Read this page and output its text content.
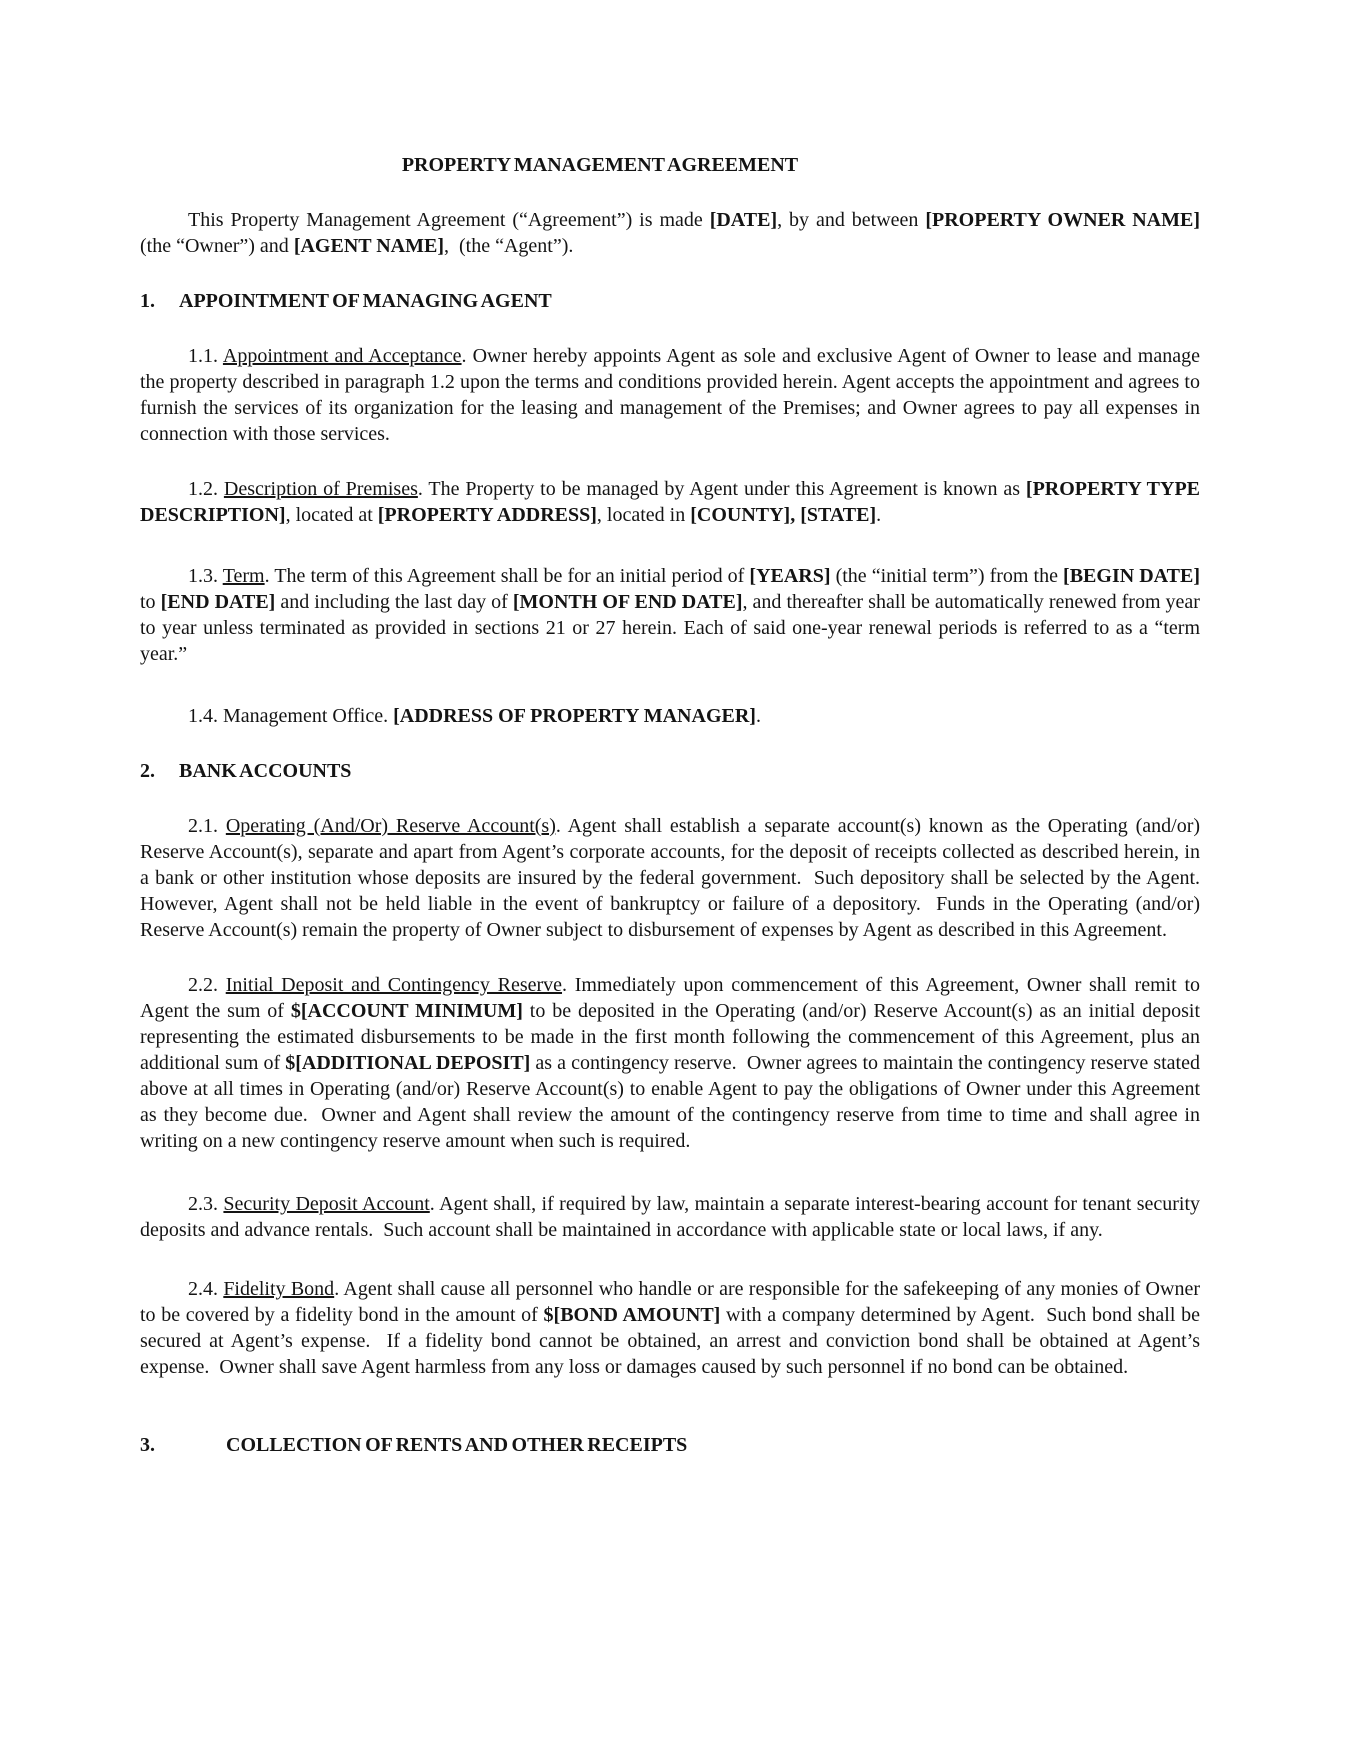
PROPERTY MANAGEMENT AGREEMENT

This Property Management Agreement (“Agreement”) is made [DATE], by and between [PROPERTY OWNER NAME] (the “Owner”) and [AGENT NAME],  (the “Agent”).

1. APPOINTMENT OF MANAGING AGENT

1.1. Appointment and Acceptance. Owner hereby appoints Agent as sole and exclusive Agent of Owner to lease and manage the property described in paragraph 1.2 upon the terms and conditions provided herein. Agent accepts the appointment and agrees to furnish the services of its organization for the leasing and management of the Premises; and Owner agrees to pay all expenses in connection with those services.

1.2. Description of Premises. The Property to be managed by Agent under this Agreement is known as [PROPERTY TYPE DESCRIPTION], located at [PROPERTY ADDRESS], located in [COUNTY], [STATE].

1.3. Term. The term of this Agreement shall be for an initial period of [YEARS] (the “initial term”) from the [BEGIN DATE] to [END DATE] and including the last day of [MONTH OF END DATE], and thereafter shall be automatically renewed from year to year unless terminated as provided in sections 21 or 27 herein. Each of said one-year renewal periods is referred to as a “term year.”

1.4. Management Office. [ADDRESS OF PROPERTY MANAGER].

2. BANK ACCOUNTS

2.1. Operating (And/Or) Reserve Account(s). Agent shall establish a separate account(s) known as the Operating (and/or) Reserve Account(s), separate and apart from Agent’s corporate accounts, for the deposit of receipts collected as described herein, in a bank or other institution whose deposits are insured by the federal government.  Such depository shall be selected by the Agent.  However, Agent shall not be held liable in the event of bankruptcy or failure of a depository.  Funds in the Operating (and/or) Reserve Account(s) remain the property of Owner subject to disbursement of expenses by Agent as described in this Agreement.

2.2. Initial Deposit and Contingency Reserve. Immediately upon commencement of this Agreement, Owner shall remit to Agent the sum of $[ACCOUNT MINIMUM] to be deposited in the Operating (and/or) Reserve Account(s) as an initial deposit representing the estimated disbursements to be made in the first month following the commencement of this Agreement, plus an additional sum of $[ADDITIONAL DEPOSIT] as a contingency reserve.  Owner agrees to maintain the contingency reserve stated above at all times in Operating (and/or) Reserve Account(s) to enable Agent to pay the obligations of Owner under this Agreement as they become due.  Owner and Agent shall review the amount of the contingency reserve from time to time and shall agree in writing on a new contingency reserve amount when such is required.

2.3. Security Deposit Account. Agent shall, if required by law, maintain a separate interest-bearing account for tenant security deposits and advance rentals.  Such account shall be maintained in accordance with applicable state or local laws, if any.

2.4. Fidelity Bond. Agent shall cause all personnel who handle or are responsible for the safekeeping of any monies of Owner to be covered by a fidelity bond in the amount of $[BOND AMOUNT] with a company determined by Agent.  Such bond shall be secured at Agent’s expense.  If a fidelity bond cannot be obtained, an arrest and conviction bond shall be obtained at Agent’s expense.  Owner shall save Agent harmless from any loss or damages caused by such personnel if no bond can be obtained.

3.	COLLECTION OF RENTS AND OTHER RECEIPTS
